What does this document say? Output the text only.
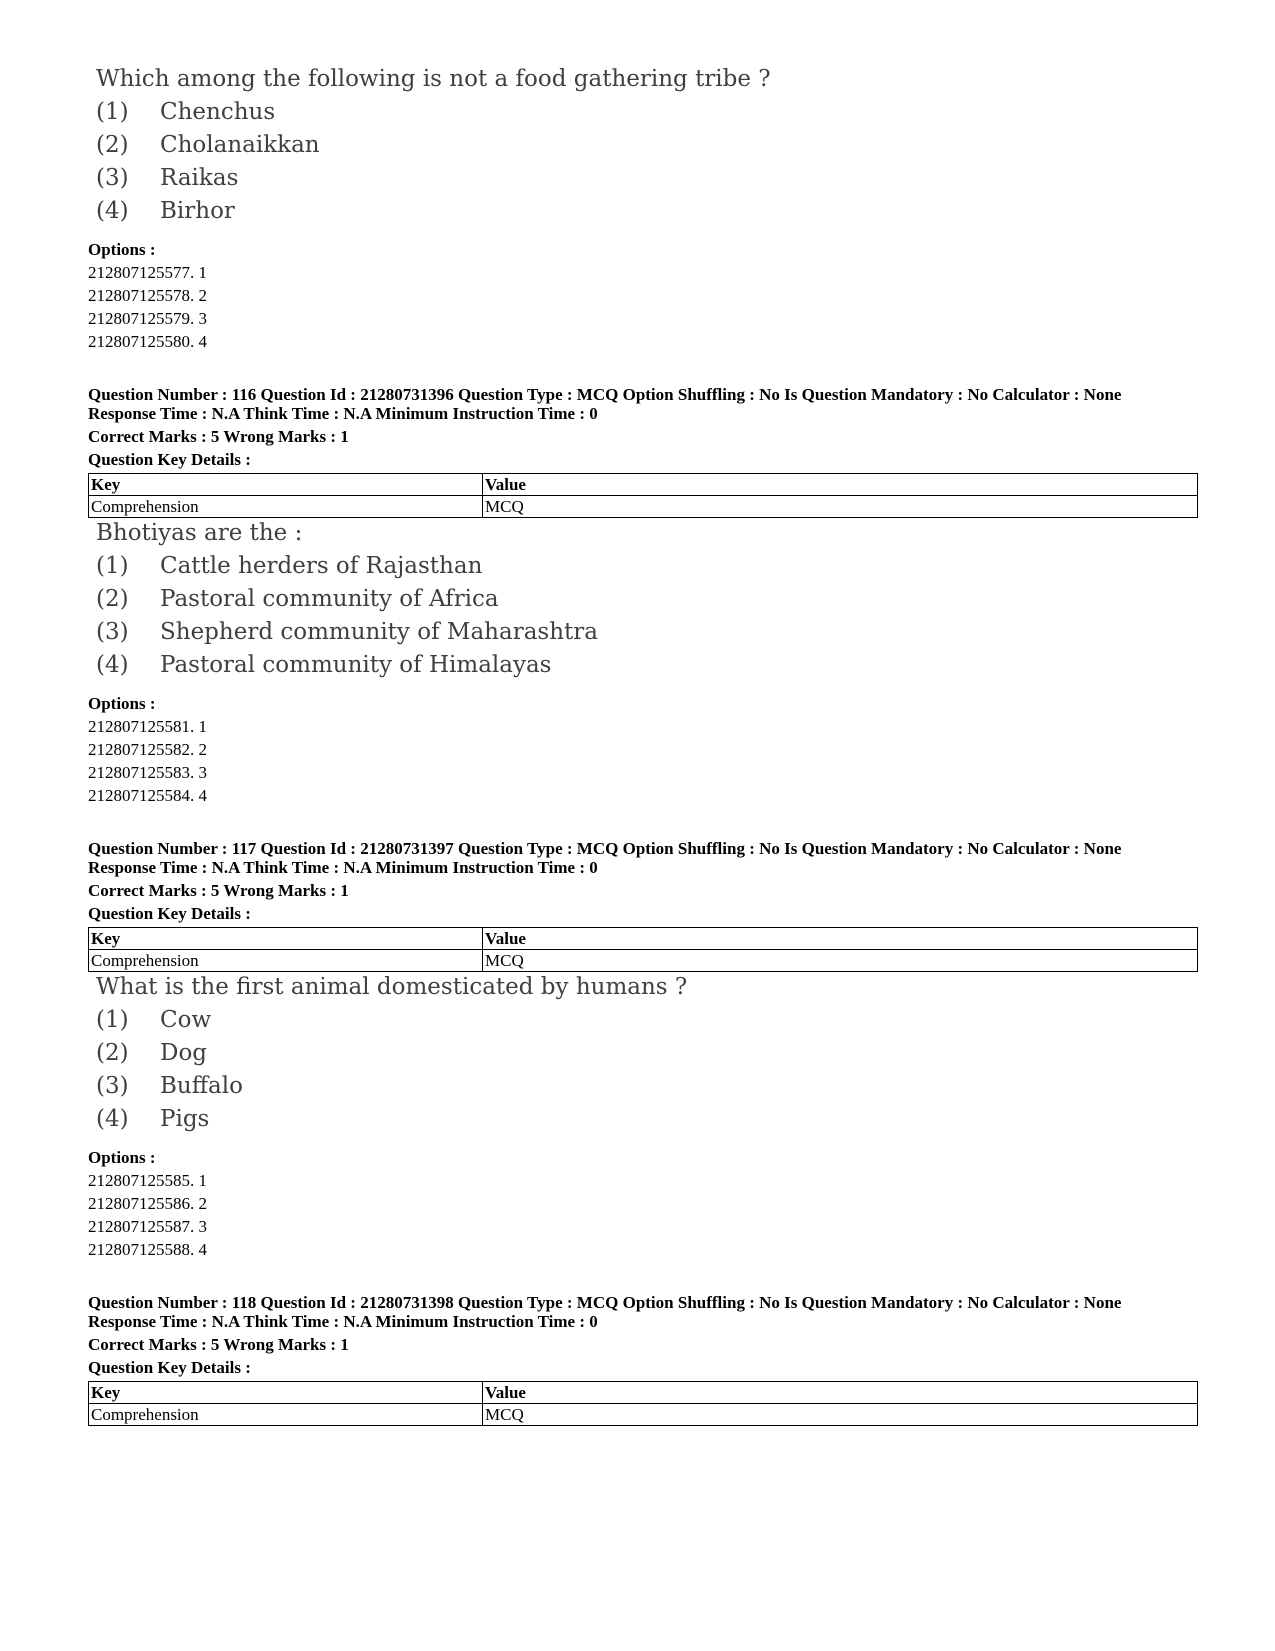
Which among the following is not a food gathering tribe ?
(1)	Chenchus
(2)	Cholanaikkan
(3)	Raikas
(4)	Birhor
Options :
212807125577. 1
212807125578. 2
212807125579. 3
212807125580. 4
Question Number : 116 Question Id : 21280731396 Question Type : MCQ Option Shuffling : No Is Question Mandatory : No Calculator : None
Response Time : N.A Think Time : N.A Minimum Instruction Time : 0
Correct Marks : 5 Wrong Marks : 1
Question Key Details :
Key	Value
Comprehension	MCQ
Bhotiyas are the :
(1)	Cattle herders of Rajasthan
(2)	Pastoral community of Africa
(3)	Shepherd community of Maharashtra
(4)	Pastoral community of Himalayas
Options :
212807125581. 1
212807125582. 2
212807125583. 3
212807125584. 4
Question Number : 117 Question Id : 21280731397 Question Type : MCQ Option Shuffling : No Is Question Mandatory : No Calculator : None
Response Time : N.A Think Time : N.A Minimum Instruction Time : 0
Correct Marks : 5 Wrong Marks : 1
Question Key Details :
Key	Value
Comprehension	MCQ
What is the first animal domesticated by humans ?
(1)	Cow
(2)	Dog
(3)	Buffalo
(4)	Pigs
Options :
212807125585. 1
212807125586. 2
212807125587. 3
212807125588. 4
Question Number : 118 Question Id : 21280731398 Question Type : MCQ Option Shuffling : No Is Question Mandatory : No Calculator : None
Response Time : N.A Think Time : N.A Minimum Instruction Time : 0
Correct Marks : 5 Wrong Marks : 1
Question Key Details :
Key	Value
Comprehension	MCQ
